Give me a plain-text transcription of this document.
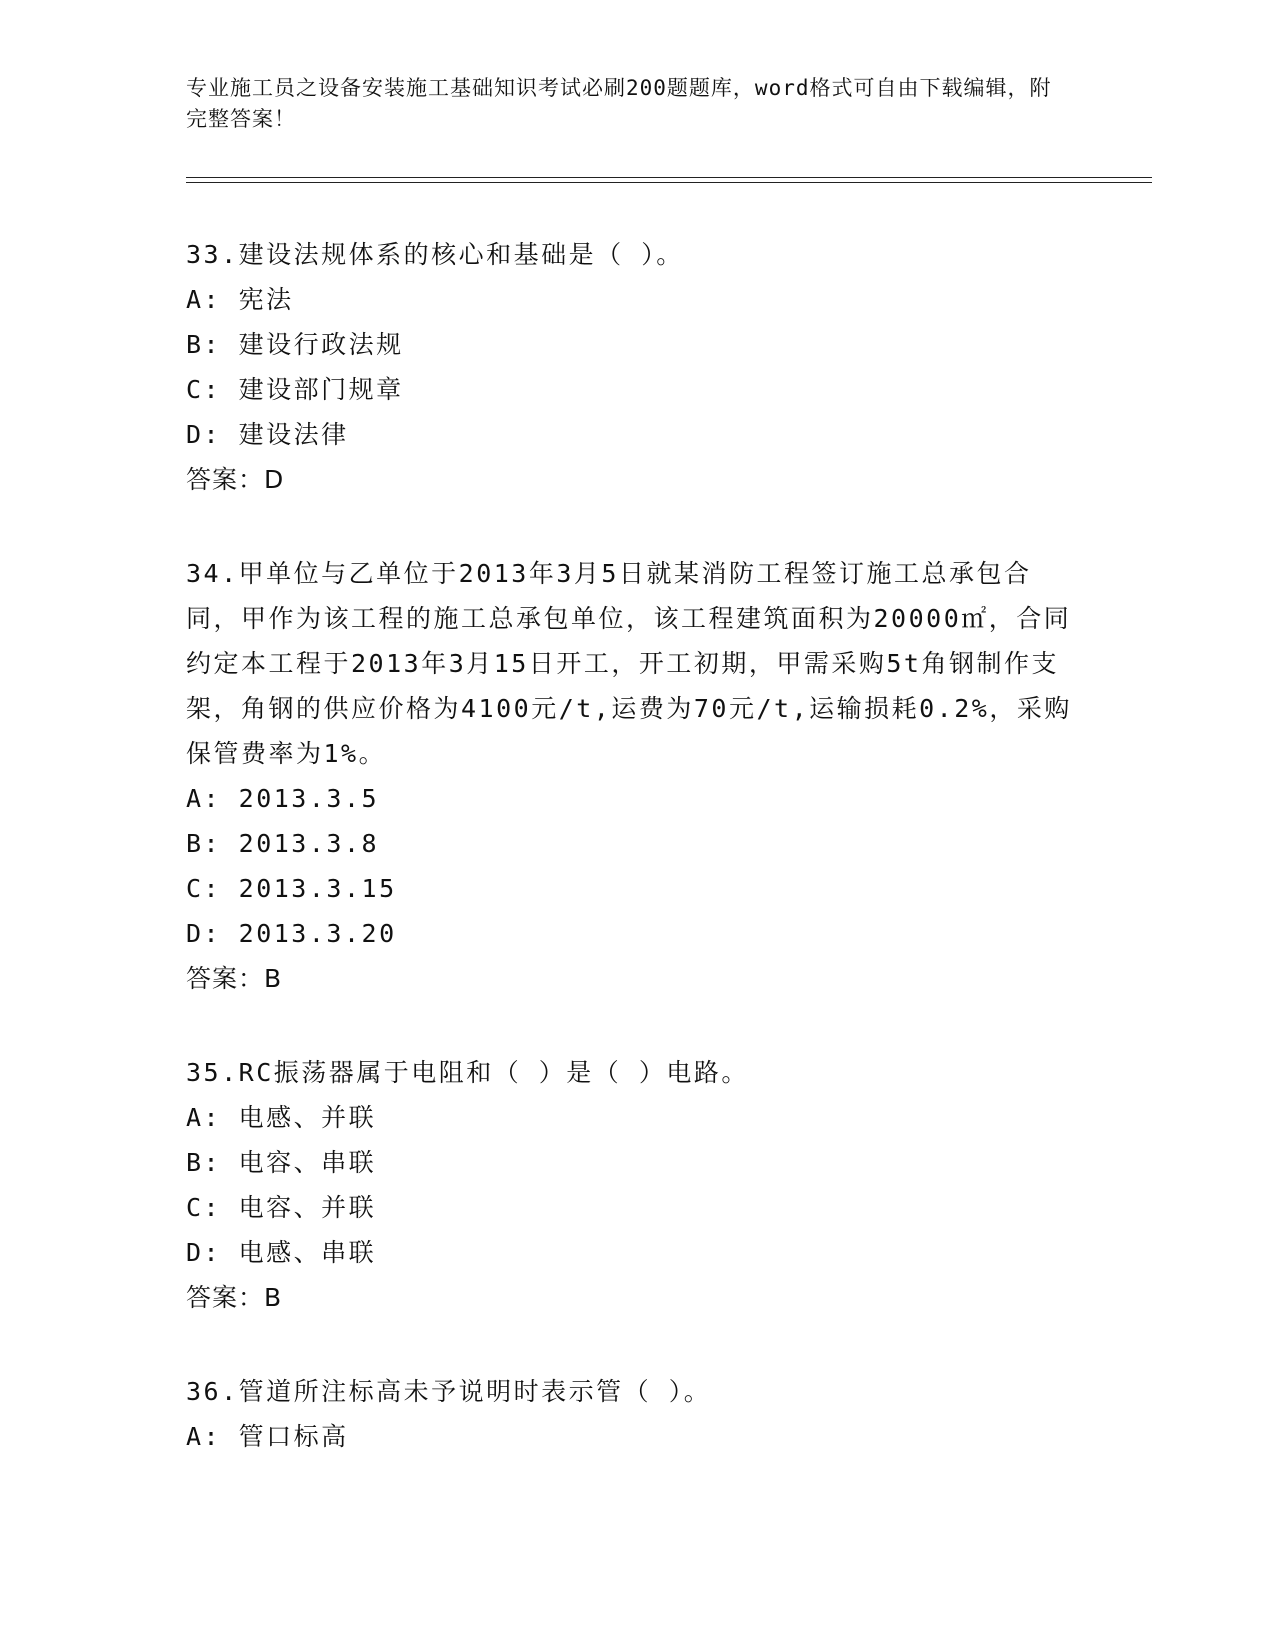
专业施工员之设备安装施工基础知识考试必刷200题题库，word格式可自由下载编辑，附完整答案！
33.建设法规体系的核心和基础是（ ）。
A: 宪法
B: 建设行政法规
C: 建设部门规章
D: 建设法律
答案：D
34.甲单位与乙单位于2013年3月5日就某消防工程签订施工总承包合同，甲作为该工程的施工总承包单位，该工程建筑面积为20000㎡，合同约定本工程于2013年3月15日开工，开工初期，甲需采购5t角钢制作支架，角钢的供应价格为4100元/t,运费为70元/t,运输损耗0.2%，采购保管费率为1%。
A: 2013.3.5
B: 2013.3.8
C: 2013.3.15
D: 2013.3.20
答案：B
35.RC振荡器属于电阻和（ ）是（ ）电路。
A: 电感、并联
B: 电容、串联
C: 电容、并联
D: 电感、串联
答案：B
36.管道所注标高未予说明时表示管（ ）。
A: 管口标高
